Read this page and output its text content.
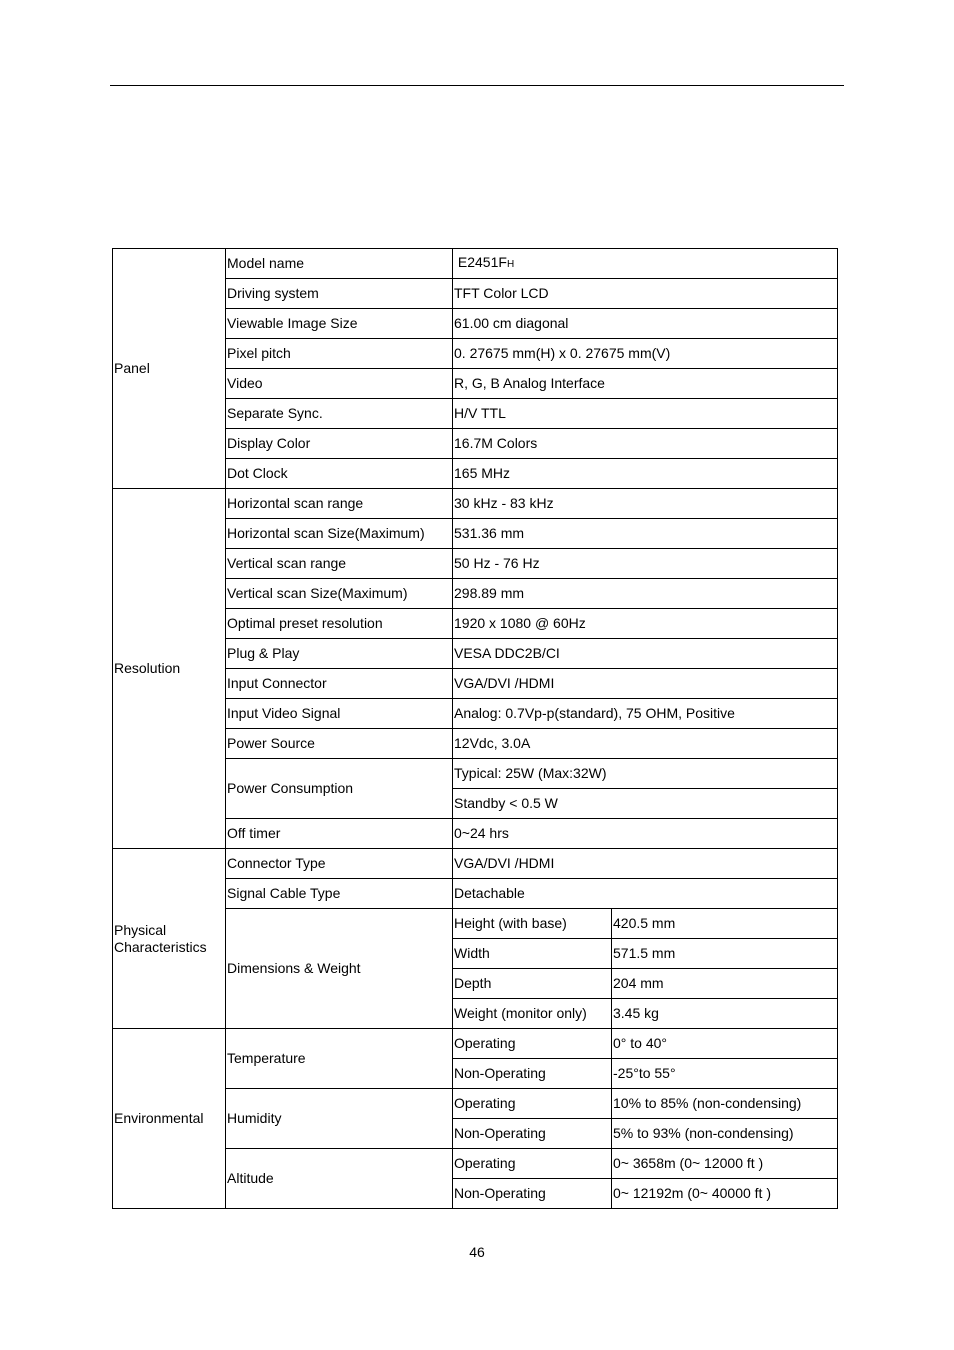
Panel	Model name	E2451FH	
	Driving system	TFT Color LCD	
	Viewable Image Size	61.00 cm diagonal	
	Pixel pitch	0. 27675 mm(H) x 0. 27675 mm(V)	
	Video	R, G, B Analog Interface	
	Separate Sync.	H/V TTL	
	Display Color	16.7M Colors	
	Dot Clock	165 MHz	
Resolution	Horizontal scan range	30 kHz - 83 kHz	
	Horizontal scan Size(Maximum)	531.36 mm	
	Vertical scan range	50 Hz - 76 Hz	
	Vertical scan Size(Maximum)	298.89 mm	
	Optimal preset resolution	1920 x 1080 @ 60Hz	
	Plug & Play	VESA DDC2B/CI	
	Input Connector	VGA/DVI /HDMI	
	Input Video Signal	Analog: 0.7Vp-p(standard), 75 OHM, Positive	
	Power Source	12Vdc, 3.0A	
	Power Consumption	Typical: 25W (Max:32W)	
		Standby < 0.5 W	
	Off timer	0~24 hrs	
Physical
Characteristics	Connector Type	VGA/DVI /HDMI	
	Signal Cable Type	Detachable	
	Dimensions & Weight	Height (with base)	420.5 mm
		Width	571.5 mm
		Depth	204 mm
		Weight (monitor only)	3.45 kg
Environmental	Temperature	Operating	0° to 40°
		Non-Operating	-25°to 55°
	Humidity	Operating	10% to 85% (non-condensing)
		Non-Operating	5% to 93% (non-condensing)
	Altitude	Operating	0~ 3658m (0~ 12000 ft )
		Non-Operating	0~ 12192m (0~ 40000 ft )
46
